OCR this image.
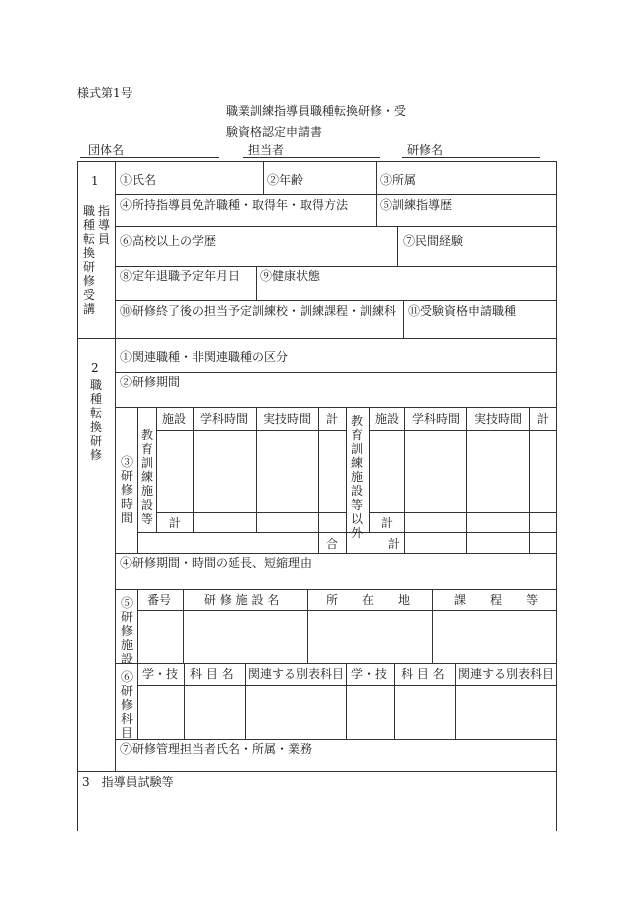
様式第1号
職業訓練指導員職種転換研修・受
験資格認定申請書
団体名	担当者	研修名
1
指導員
職種転換研修受講
①氏名	②年齢	③所属
④所持指導員免許職種・取得年・取得方法	⑤訓練指導歴
⑥高校以上の学歴	⑦民間経験
⑧定年退職予定年月日 ⑨健康状態
⑩研修終了後の担当予定訓練校・訓練課程・訓練科 ⑪受験資格申請職種
2
職種転換研修
①関連職種・非関連職種の区分
②研修期間
③研修時間
教育訓練施設等
教育訓練施設等以外
施設 学科時間 実技時間 計	施設 学科時間 実技時間 計
計	計
合	計
④研修期間・時間の延長、短縮理由
⑤研修施設
番号	研 修 施 設 名	所　　在　　地	課　　程　　等
⑥研修科目
学・技 科 目 名 関連する別表科目 学・技 科 目 名 関連する別表科目
⑦研修管理担当者氏名・所属・業務
3　指導員試験等
